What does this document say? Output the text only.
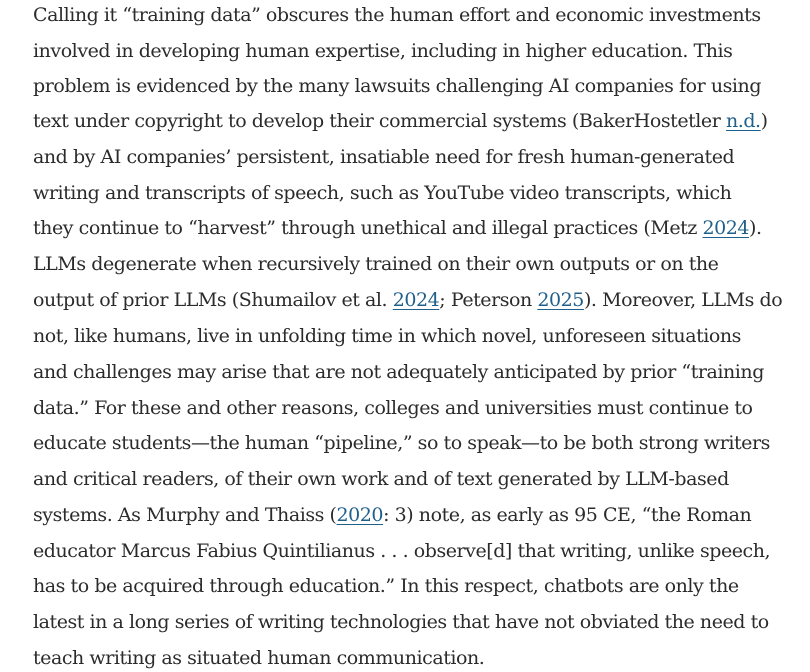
Calling it “training data” obscures the human effort and economic investments
involved in developing human expertise, including in higher education. This
problem is evidenced by the many lawsuits challenging AI companies for using
text under copyright to develop their commercial systems (BakerHostetler n.d.)
and by AI companies’ persistent, insatiable need for fresh human-generated
writing and transcripts of speech, such as YouTube video transcripts, which
they continue to “harvest” through unethical and illegal practices (Metz 2024).
LLMs degenerate when recursively trained on their own outputs or on the
output of prior LLMs (Shumailov et al. 2024; Peterson 2025). Moreover, LLMs do
not, like humans, live in unfolding time in which novel, unforeseen situations
and challenges may arise that are not adequately anticipated by prior “training
data.” For these and other reasons, colleges and universities must continue to
educate students—the human “pipeline,” so to speak—to be both strong writers
and critical readers, of their own work and of text generated by LLM-based
systems. As Murphy and Thaiss (2020: 3) note, as early as 95 CE, “the Roman
educator Marcus Fabius Quintilianus . . . observe[d] that writing, unlike speech,
has to be acquired through education.” In this respect, chatbots are only the
latest in a long series of writing technologies that have not obviated the need to
teach writing as situated human communication.
